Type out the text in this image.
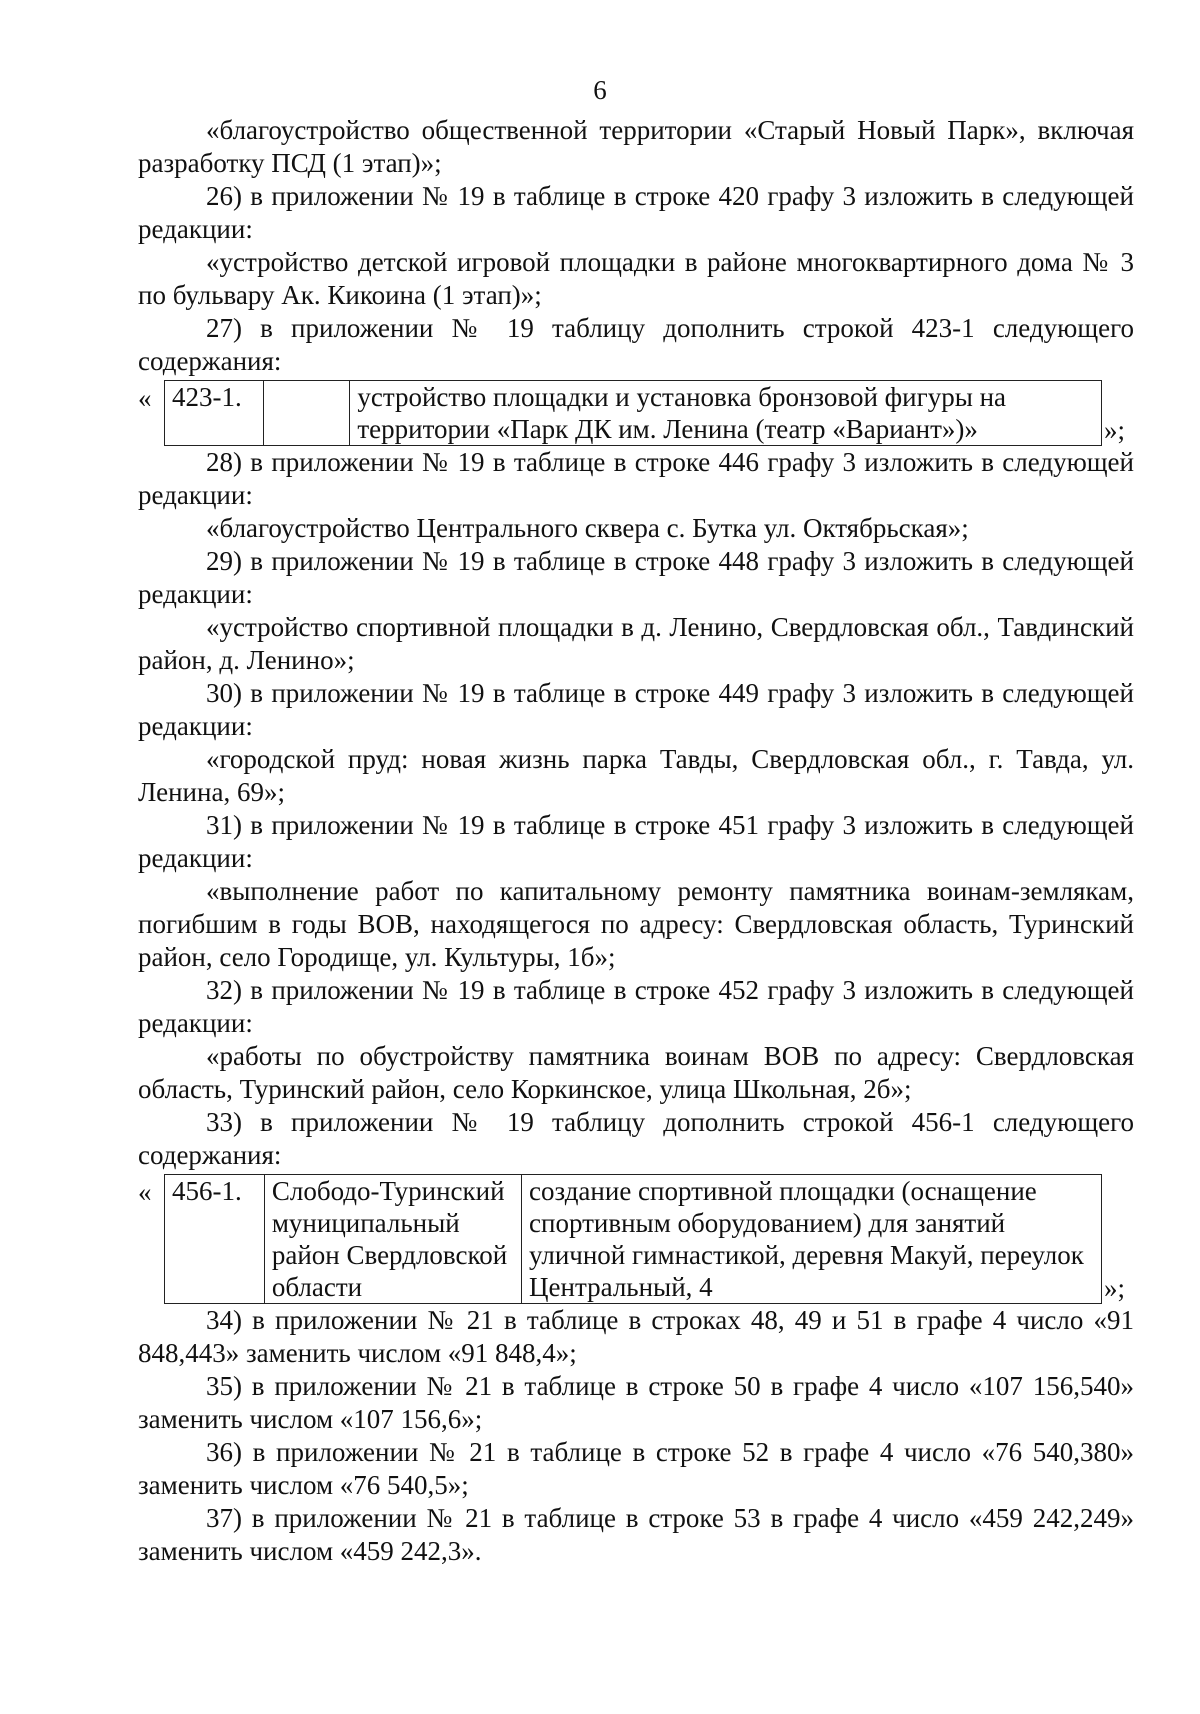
6

«благоустройство общественной территории «Старый Новый Парк», включая разработку ПСД (1 этап)»;

26) в приложении № 19 в таблице в строке 420 графу 3 изложить в следующей редакции:

«устройство детской игровой площадки в районе многоквартирного дома № 3 по бульвару Ак. Кикоина (1 этап)»;

27) в приложении № 19 таблицу дополнить строкой 423-1 следующего содержания:

« 423-1.		устройство площадки и установка бронзовой фигуры на территории «Парк ДК им. Ленина (театр «Вариант»)»	»;

28) в приложении № 19 в таблице в строке 446 графу 3 изложить в следующей редакции:

«благоустройство Центрального сквера с. Бутка ул. Октябрьская»;

29) в приложении № 19 в таблице в строке 448 графу 3 изложить в следующей редакции:

«устройство спортивной площадки в д. Ленино, Свердловская обл., Тавдинский район, д. Ленино»;

30) в приложении № 19 в таблице в строке 449 графу 3 изложить в следующей редакции:

«городской пруд: новая жизнь парка Тавды, Свердловская обл., г. Тавда, ул. Ленина, 69»;

31) в приложении № 19 в таблице в строке 451 графу 3 изложить в следующей редакции:

«выполнение работ по капитальному ремонту памятника воинам-землякам, погибшим в годы ВОВ, находящегося по адресу: Свердловская область, Туринский район, село Городище, ул. Культуры, 1б»;

32) в приложении № 19 в таблице в строке 452 графу 3 изложить в следующей редакции:

«работы по обустройству памятника воинам ВОВ по адресу: Свердловская область, Туринский район, село Коркинское, улица Школьная, 2б»;

33) в приложении № 19 таблицу дополнить строкой 456-1 следующего содержания:

« 456-1.	Слободо-Туринский муниципальный район Свердловской области	создание спортивной площадки (оснащение спортивным оборудованием) для занятий уличной гимнастикой, деревня Макуй, переулок Центральный, 4	»;

34) в приложении № 21 в таблице в строках 48, 49 и 51 в графе 4 число «91 848,443» заменить числом «91 848,4»;

35) в приложении № 21 в таблице в строке 50 в графе 4 число «107 156,540» заменить числом «107 156,6»;

36) в приложении № 21 в таблице в строке 52 в графе 4 число «76 540,380» заменить числом «76 540,5»;

37) в приложении № 21 в таблице в строке 53 в графе 4 число «459 242,249» заменить числом «459 242,3».
